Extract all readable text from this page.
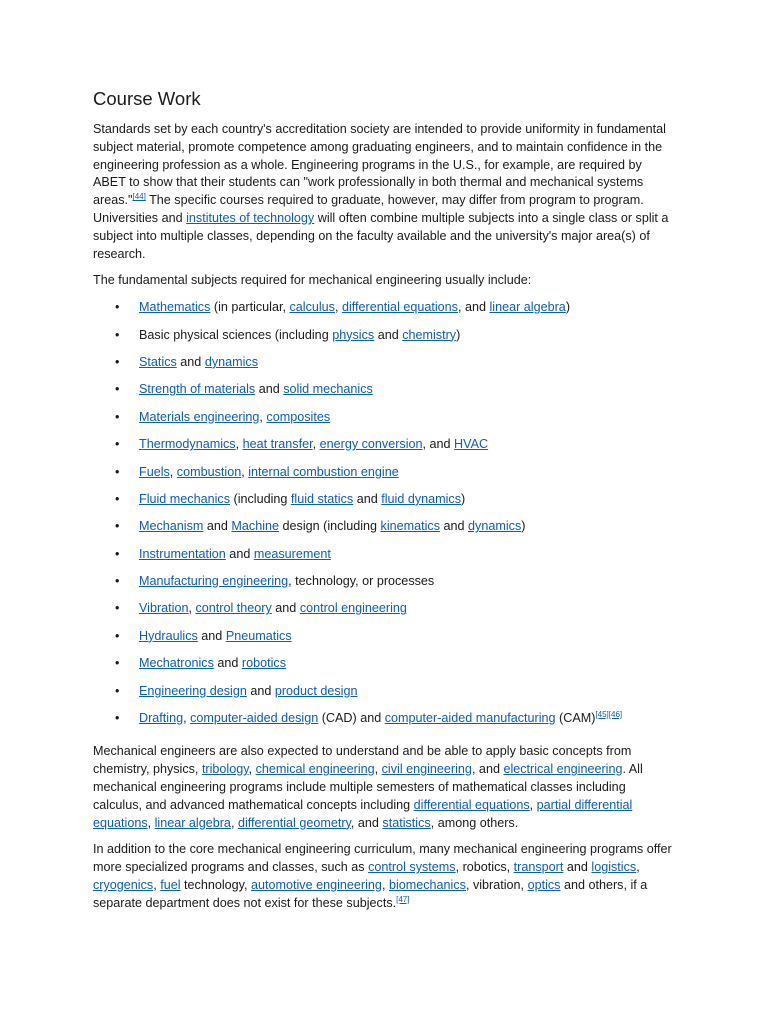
Course Work

Standards set by each country's accreditation society are intended to provide uniformity in fundamental subject material, promote competence among graduating engineers, and to maintain confidence in the engineering profession as a whole. Engineering programs in the U.S., for example, are required by ABET to show that their students can "work professionally in both thermal and mechanical systems areas."[44] The specific courses required to graduate, however, may differ from program to program. Universities and institutes of technology will often combine multiple subjects into a single class or split a subject into multiple classes, depending on the faculty available and the university's major area(s) of research.

The fundamental subjects required for mechanical engineering usually include:

• Mathematics (in particular, calculus, differential equations, and linear algebra)
• Basic physical sciences (including physics and chemistry)
• Statics and dynamics
• Strength of materials and solid mechanics
• Materials engineering, composites
• Thermodynamics, heat transfer, energy conversion, and HVAC
• Fuels, combustion, internal combustion engine
• Fluid mechanics (including fluid statics and fluid dynamics)
• Mechanism and Machine design (including kinematics and dynamics)
• Instrumentation and measurement
• Manufacturing engineering, technology, or processes
• Vibration, control theory and control engineering
• Hydraulics and Pneumatics
• Mechatronics and robotics
• Engineering design and product design
• Drafting, computer-aided design (CAD) and computer-aided manufacturing (CAM)[45][46]

Mechanical engineers are also expected to understand and be able to apply basic concepts from chemistry, physics, tribology, chemical engineering, civil engineering, and electrical engineering. All mechanical engineering programs include multiple semesters of mathematical classes including calculus, and advanced mathematical concepts including differential equations, partial differential equations, linear algebra, differential geometry, and statistics, among others.

In addition to the core mechanical engineering curriculum, many mechanical engineering programs offer more specialized programs and classes, such as control systems, robotics, transport and logistics, cryogenics, fuel technology, automotive engineering, biomechanics, vibration, optics and others, if a separate department does not exist for these subjects.[47]
